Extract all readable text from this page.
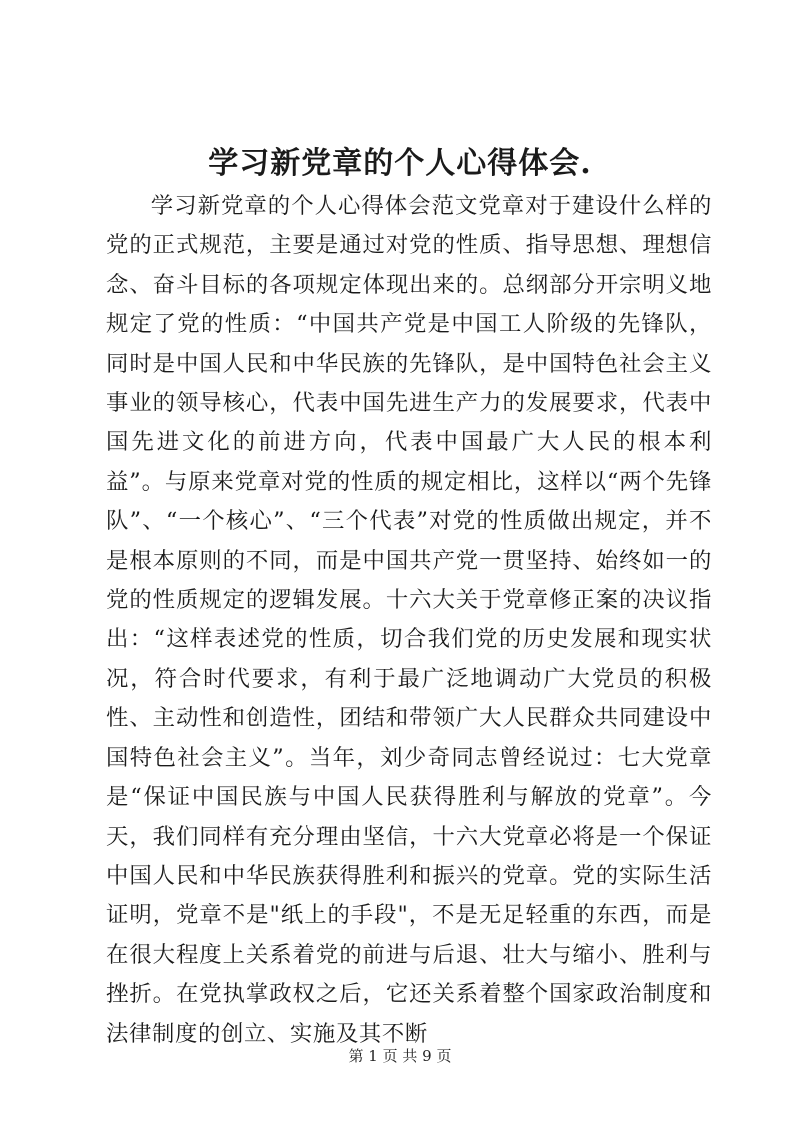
学习新党章的个人心得体会.

学习新党章的个人心得体会范文党章对于建设什么样的党的正式规范，主要是通过对党的性质、指导思想、理想信念、奋斗目标的各项规定体现出来的。总纲部分开宗明义地规定了党的性质：“中国共产党是中国工人阶级的先锋队，同时是中国人民和中华民族的先锋队，是中国特色社会主义事业的领导核心，代表中国先进生产力的发展要求，代表中国先进文化的前进方向，代表中国最广大人民的根本利益”。与原来党章对党的性质的规定相比，这样以“两个先锋队”、“一个核心”、“三个代表”对党的性质做出规定，并不是根本原则的不同，而是中国共产党一贯坚持、始终如一的党的性质规定的逻辑发展。十六大关于党章修正案的决议指出：“这样表述党的性质，切合我们党的历史发展和现实状况，符合时代要求，有利于最广泛地调动广大党员的积极性、主动性和创造性，团结和带领广大人民群众共同建设中国特色社会主义”。当年，刘少奇同志曾经说过：七大党章是“保证中国民族与中国人民获得胜利与解放的党章”。今天，我们同样有充分理由坚信，十六大党章必将是一个保证中国人民和中华民族获得胜利和振兴的党章。党的实际生活证明，党章不是"纸上的手段"，不是无足轻重的东西，而是在很大程度上关系着党的前进与后退、壮大与缩小、胜利与挫折。在党执掌政权之后，它还关系着整个国家政治制度和法律制度的创立、实施及其不断

第 1 页 共 9 页
